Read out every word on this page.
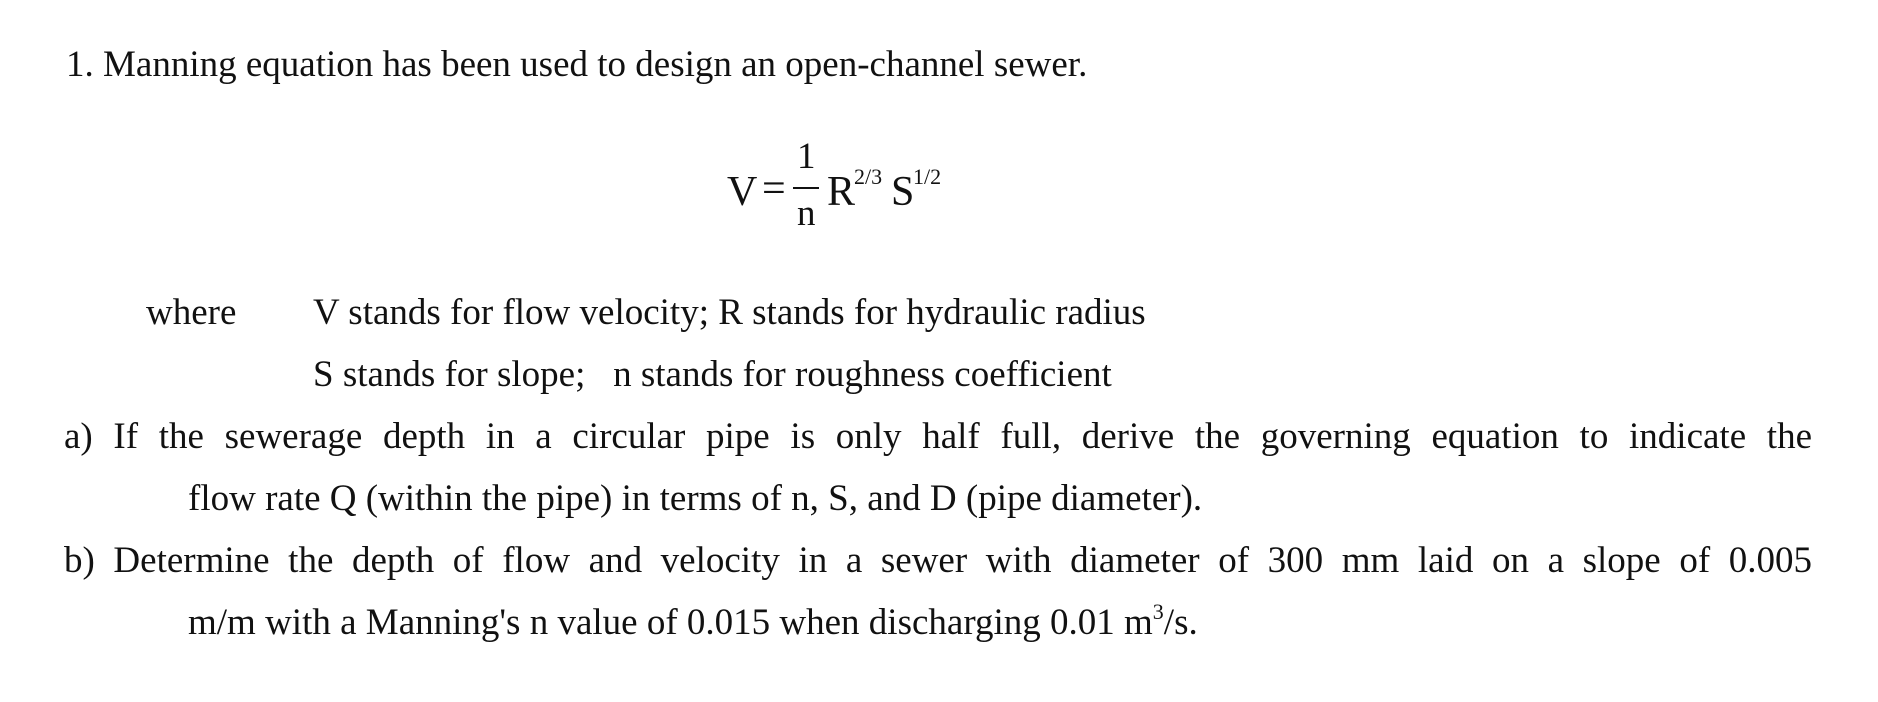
1. Manning equation has been used to design an open-channel sewer.
V =
1
n R
2/3 S
1/2
where V stands for flow velocity; R stands for hydraulic radius
S stands for slope;   n stands for roughness coefficient
a) If the sewerage depth in a circular pipe is only half full, derive the governing equation to indicate the
flow rate Q (within the pipe) in terms of n, S, and D (pipe diameter).
b) Determine the depth of flow and velocity in a sewer with diameter of 300 mm laid on a slope of 0.005
m/m with a Manning's n value of 0.015 when discharging 0.01 $m^3/s$.
